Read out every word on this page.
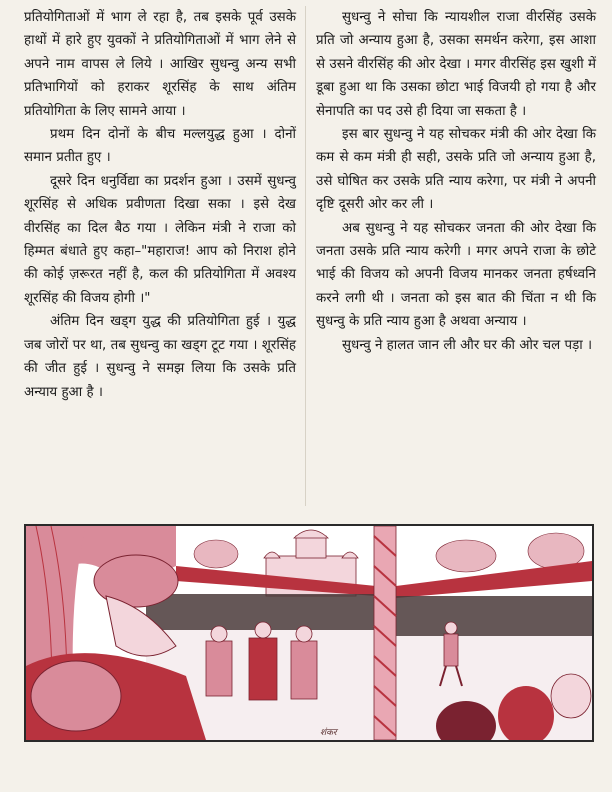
प्रतियोगिताओं में भाग ले रहा है, तब इसके पूर्व उसके हाथों में हारे हुए युवकों ने प्रतियोगिताओं में भाग लेने से अपने नाम वापस ले लिये । आखिर सुधन्वु अन्य सभी प्रतिभागियों को हराकर शूरसिंह के साथ अंतिम प्रतियोगिता के लिए सामने आया ।

प्रथम दिन दोनों के बीच मल्लयुद्ध हुआ । दोनों समान प्रतीत हुए ।

दूसरे दिन धनुर्विद्या का प्रदर्शन हुआ । उसमें सुधन्वु शूरसिंह से अधिक प्रवीणता दिखा सका । इसे देख वीरसिंह का दिल बैठ गया । लेकिन मंत्री ने राजा को हिम्मत बंधाते हुए कहा–"महाराज! आप को निराश होने की कोई ज़रूरत नहीं है, कल की प्रतियोगिता में अवश्य शूरसिंह की विजय होगी ।"

अंतिम दिन खड्ग युद्ध की प्रतियोगिता हुई । युद्ध जब जोरों पर था, तब सुधन्वु का खड्ग टूट गया । शूरसिंह की जीत हुई । सुधन्वु ने समझ लिया कि उसके प्रति अन्याय हुआ है ।

सुधन्वु ने सोचा कि न्यायशील राजा वीरसिंह उसके प्रति जो अन्याय हुआ है, उसका समर्थन करेगा, इस आशा से उसने वीरसिंह की ओर देखा । मगर वीरसिंह इस खुशी में डूबा हुआ था कि उसका छोटा भाई विजयी हो गया है और सेनापति का पद उसे ही दिया जा सकता है ।

इस बार सुधन्वु ने यह सोचकर मंत्री की ओर देखा कि कम से कम मंत्री ही सही, उसके प्रति जो अन्याय हुआ है, उसे घोषित कर उसके प्रति न्याय करेगा, पर मंत्री ने अपनी दृष्टि दूसरी ओर कर ली ।

अब सुधन्वु ने यह सोचकर जनता की ओर देखा कि जनता उसके प्रति न्याय करेगी । मगर अपने राजा के छोटे भाई की विजय को अपनी विजय मानकर जनता हर्षध्वनि करने लगी थी । जनता को इस बात की चिंता न थी कि सुधन्वु के प्रति न्याय हुआ है अथवा अन्याय ।

सुधन्वु ने हालत जान ली और घर की ओर चल पड़ा ।

शंकर
